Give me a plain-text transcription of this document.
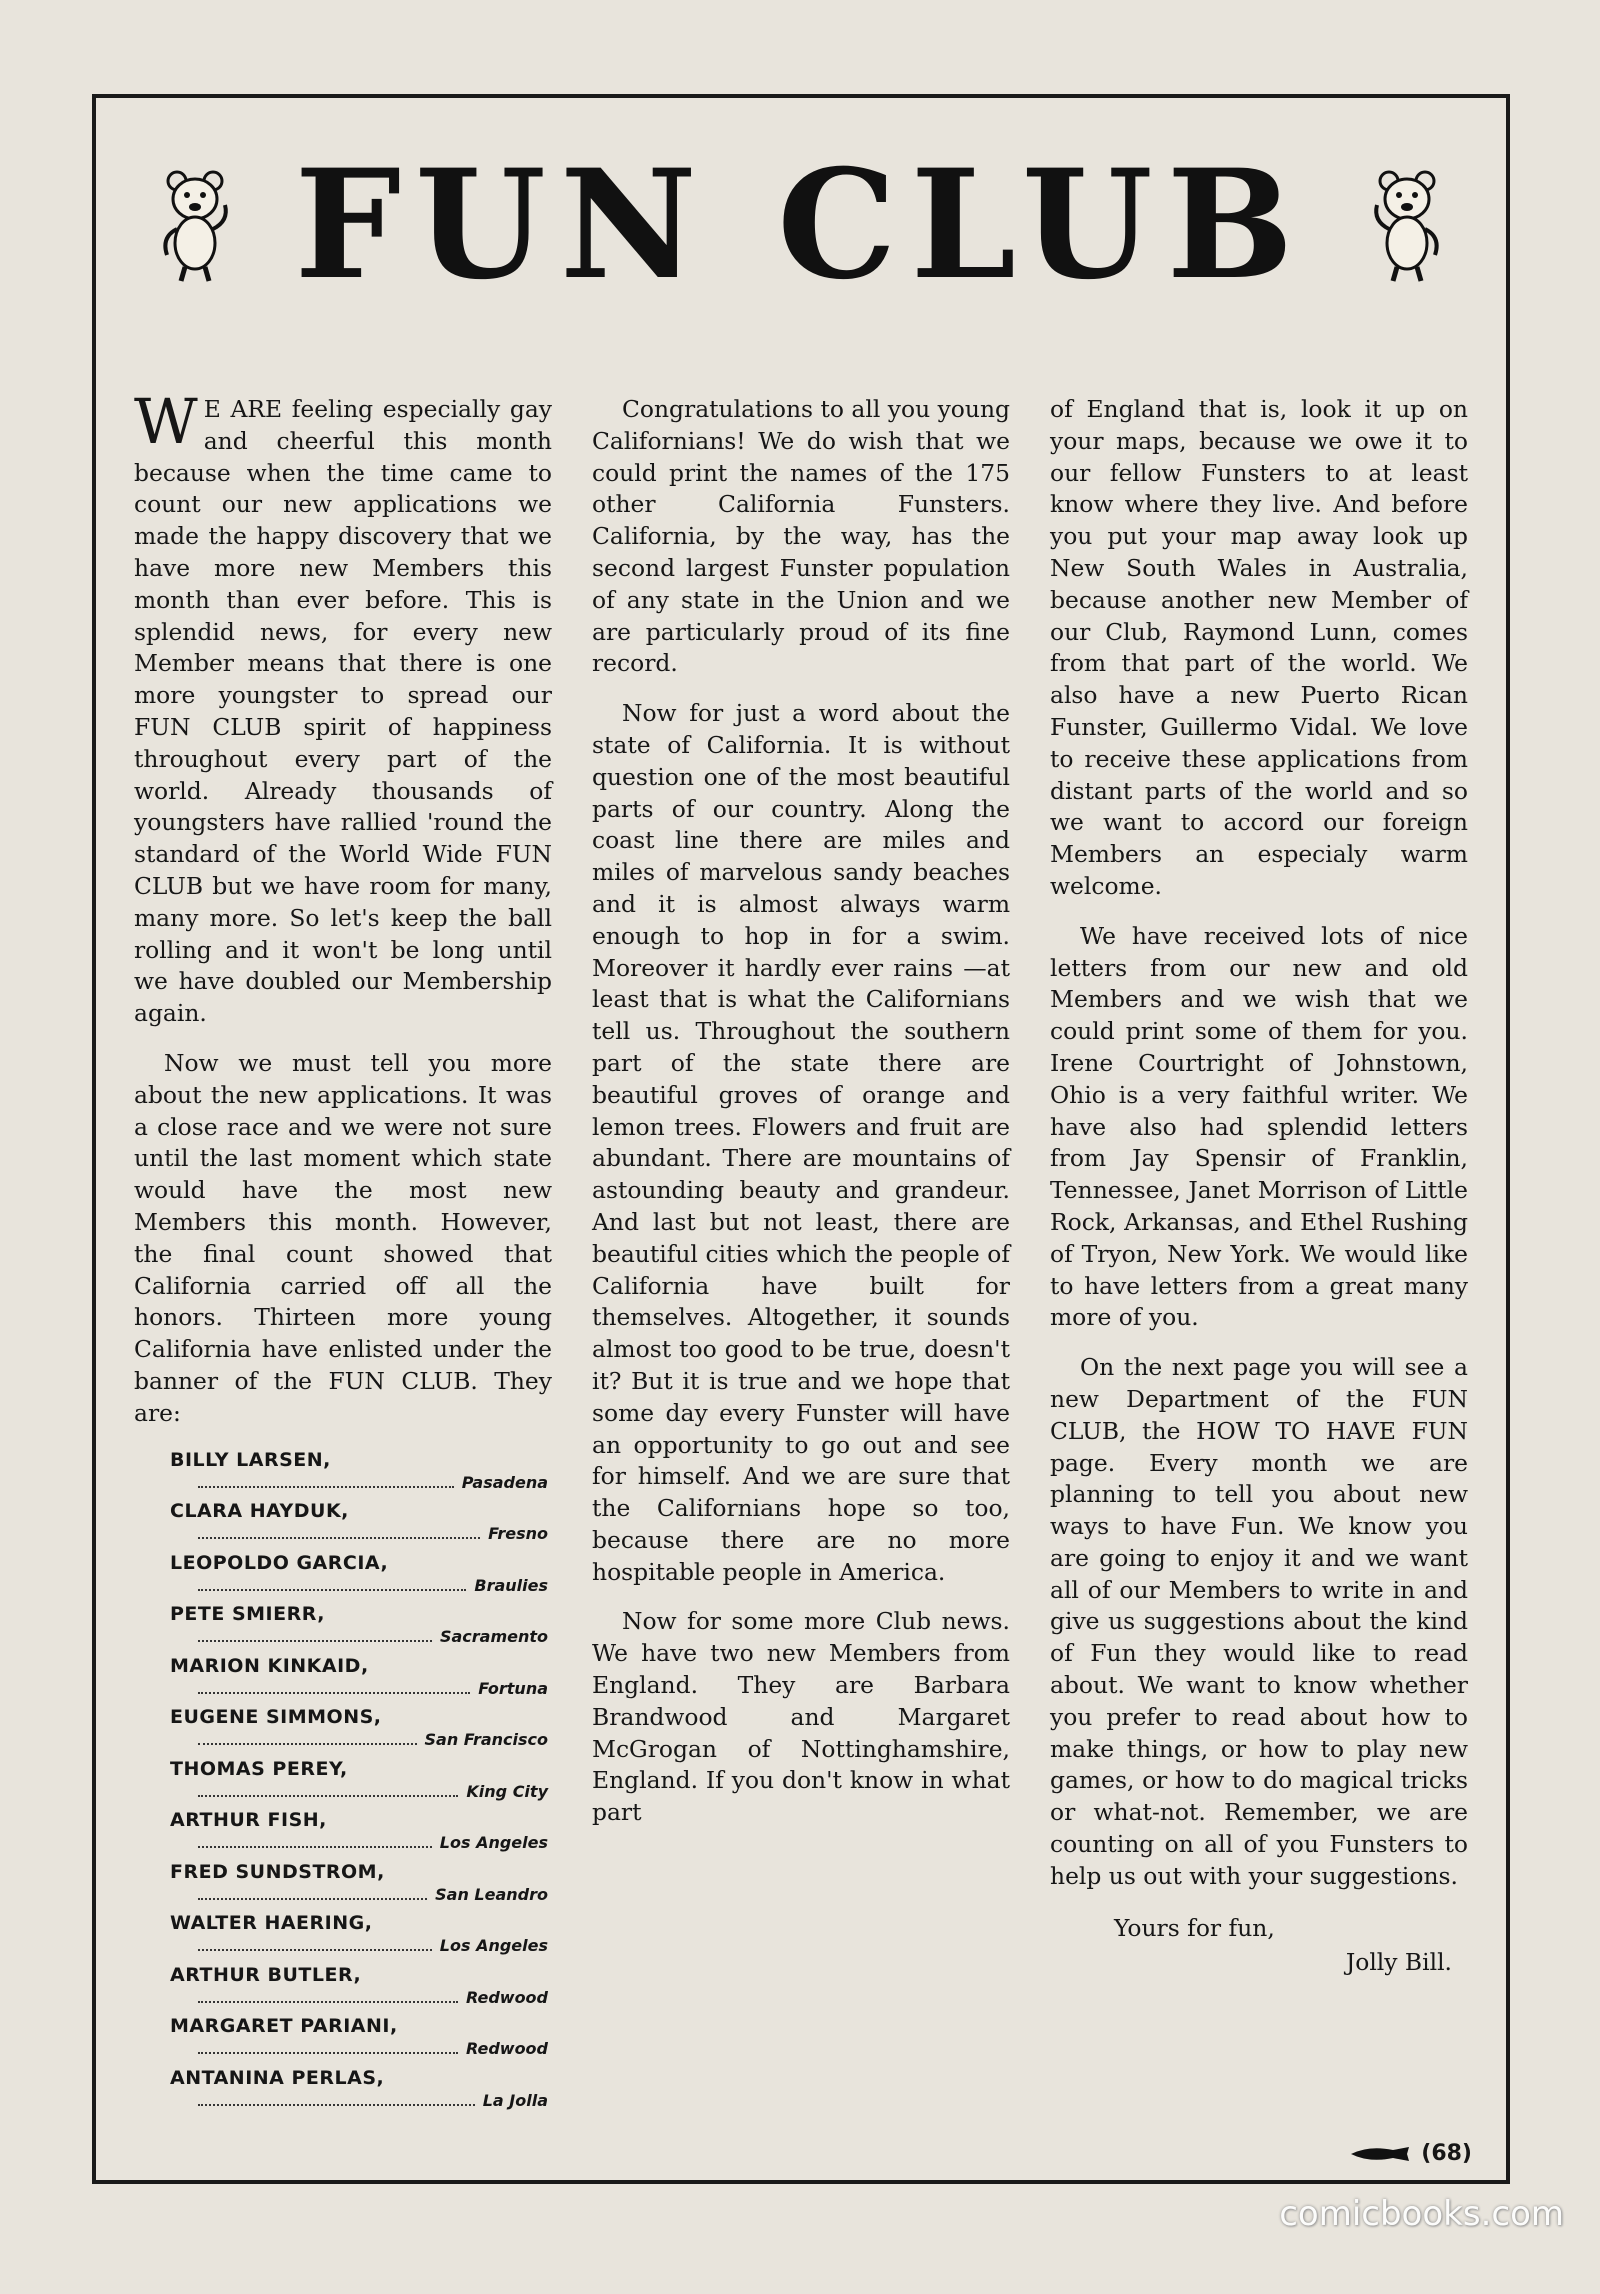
FUN CLUB

W E ARE feeling especially gay and cheerful this month because when the time came to count our new applications we made the happy discovery that we have more new Members this month than ever before. This is splendid news, for every new Member means that there is one more youngster to spread our FUN CLUB spirit of happiness throughout every part of the world. Already thousands of youngsters have rallied 'round the standard of the World Wide FUN CLUB but we have room for many, many more. So let's keep the ball rolling and it won't be long until we have doubled our Membership again.

Now we must tell you more about the new applications. It was a close race and we were not sure until the last moment which state would have the most new Members this month. However, the final count showed that California carried off all the honors. Thirteen more young California have enlisted under the banner of the FUN CLUB. They are:

BILLY LARSEN,
Pasadena
CLARA HAYDUK,
Fresno
LEOPOLDO GARCIA,
Braulies
PETE SMIERR,
Sacramento
MARION KINKAID,
Fortuna
EUGENE SIMMONS,
San Francisco
THOMAS PEREY,
King City
ARTHUR FISH,
Los Angeles
FRED SUNDSTROM,
San Leandro
WALTER HAERING,
Los Angeles
ARTHUR BUTLER,
Redwood
MARGARET PARIANI,
Redwood
ANTANINA PERLAS,
La Jolla

Congratulations to all you young Californians! We do wish that we could print the names of the 175 other California Funsters. California, by the way, has the second largest Funster population of any state in the Union and we are particularly proud of its fine record.

Now for just a word about the state of California. It is without question one of the most beautiful parts of our country. Along the coast line there are miles and miles of marvelous sandy beaches and it is almost always warm enough to hop in for a swim. Moreover it hardly ever rains —at least that is what the Californians tell us. Throughout the southern part of the state there are beautiful groves of orange and lemon trees. Flowers and fruit are abundant. There are mountains of astounding beauty and grandeur. And last but not least, there are beautiful cities which the people of California have built for themselves. Altogether, it sounds almost too good to be true, doesn't it? But it is true and we hope that some day every Funster will have an opportunity to go out and see for himself. And we are sure that the Californians hope so too, because there are no more hospitable people in America.

Now for some more Club news. We have two new Members from England. They are Barbara Brandwood and Margaret McGrogan of Nottinghamshire, England. If you don't know in what part

of England that is, look it up on your maps, because we owe it to our fellow Funsters to at least know where they live. And before you put your map away look up New South Wales in Australia, because another new Member of our Club, Raymond Lunn, comes from that part of the world. We also have a new Puerto Rican Funster, Guillermo Vidal. We love to receive these applications from distant parts of the world and so we want to accord our foreign Members an especialy warm welcome.

We have received lots of nice letters from our new and old Members and we wish that we could print some of them for you. Irene Courtright of Johnstown, Ohio is a very faithful writer. We have also had splendid letters from Jay Spensir of Franklin, Tennessee, Janet Morrison of Little Rock, Arkansas, and Ethel Rushing of Tryon, New York. We would like to have letters from a great many more of you.

On the next page you will see a new Department of the FUN CLUB, the HOW TO HAVE FUN page. Every month we are planning to tell you about new ways to have Fun. We know you are going to enjoy it and we want all of our Members to write in and give us suggestions about the kind of Fun they would like to read about. We want to know whether you prefer to read about how to make things, or how to play new games, or how to do magical tricks or what-not. Remember, we are counting on all of you Funsters to help us out with your suggestions.

Yours for fun,
Jolly Bill.
(68)
comicbooks.com
